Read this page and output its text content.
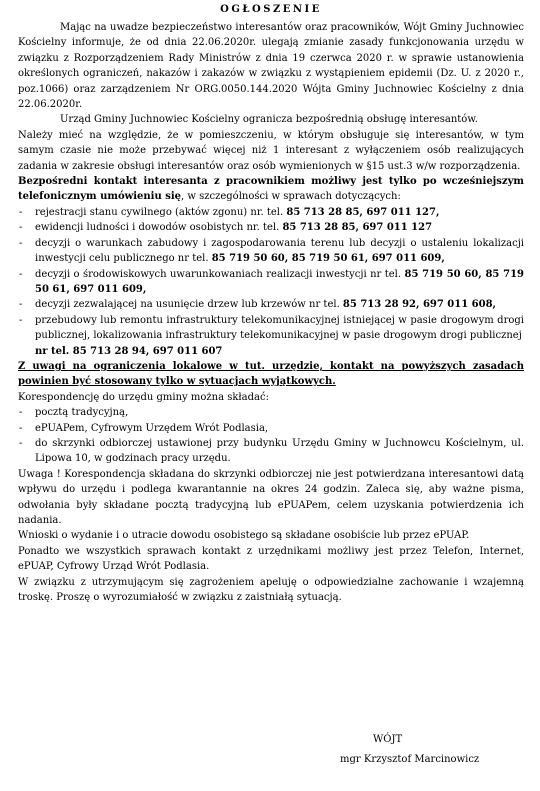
OGŁOSZENIE

Mając na uwadze bezpieczeństwo interesantów oraz pracowników, Wójt Gminy Juchnowiec Kościelny informuje, że od dnia 22.06.2020r. ulegają zmianie zasady funkcjonowania urzędu w związku z Rozporządzeniem Rady Ministrów z dnia 19 czerwca 2020 r. w sprawie ustanowienia określonych ograniczeń, nakazów i zakazów w związku z wystąpieniem epidemii (Dz. U. z 2020 r., poz.1066) oraz zarządzeniem Nr ORG.0050.144.2020 Wójta Gminy Juchnowiec Kościelny z dnia 22.06.2020r.

Urząd Gminy Juchnowiec Kościelny ogranicza bezpośrednią obsługę interesantów.

Należy mieć na względzie, że w pomieszczeniu, w którym obsługuje się interesantów, w tym samym czasie nie może przebywać więcej niż 1 interesant z wyłączeniem osób realizujących zadania w zakresie obsługi interesantów oraz osób wymienionych w §15 ust.3 w/w rozporządzenia.

Bezpośredni kontakt interesanta z pracownikiem możliwy jest tylko po wcześniejszym telefonicznym umówieniu się, w szczególności w sprawach dotyczących:

- rejestracji stanu cywilnego (aktów zgonu) nr. tel. 85 713 28 85, 697 011 127,
- ewidencji ludności i dowodów osobistych nr. tel. 85 713 28 85, 697 011 127
- decyzji o warunkach zabudowy i zagospodarowania terenu lub decyzji o ustaleniu lokalizacji inwestycji celu publicznego nr tel. 85 719 50 60, 85 719 50 61, 697 011 609,
- decyzji o środowiskowych uwarunkowaniach realizacji inwestycji nr tel. 85 719 50 60, 85 719 50 61, 697 011 609,
- decyzji zezwalającej na usunięcie drzew lub krzewów nr tel. 85 713 28 92, 697 011 608,
- przebudowy lub remontu infrastruktury telekomunikacyjnej istniejącej w pasie drogowym drogi publicznej, lokalizowania infrastruktury telekomunikacyjnej w pasie drogowym drogi publicznej
nr tel. 85 713 28 94, 697 011 607

Z uwagi na ograniczenia lokalowe w tut. urzędzie, kontakt na powyższych zasadach powinien być stosowany tylko w sytuacjach wyjątkowych.

Korespondencję do urzędu gminy można składać:

- pocztą tradycyjną,
- ePUAPem, Cyfrowym Urzędem Wrót Podlasia,
- do skrzynki odbiorczej ustawionej przy budynku Urzędu Gminy w Juchnowcu Kościelnym, ul. Lipowa 10, w godzinach pracy urzędu.

Uwaga ! Korespondencja składana do skrzynki odbiorczej nie jest potwierdzana interesantowi datą wpływu do urzędu i podlega kwarantannie na okres 24 godzin. Zaleca się, aby ważne pisma, odwołania były składane pocztą tradycyjną lub ePUAPem, celem uzyskania potwierdzenia ich nadania.

Wnioski o wydanie i o utracie dowodu osobistego są składane osobiście lub przez ePUAP.

Ponadto we wszystkich sprawach kontakt z urzędnikami możliwy jest przez Telefon, Internet, ePUAP, Cyfrowy Urząd Wrót Podlasia.

W związku z utrzymującym się zagrożeniem apeluję o odpowiedzialne zachowanie i wzajemną troskę. Proszę o wyrozumiałość w związku z zaistniałą sytuacją.

WÓJT
mgr Krzysztof Marcinowicz
